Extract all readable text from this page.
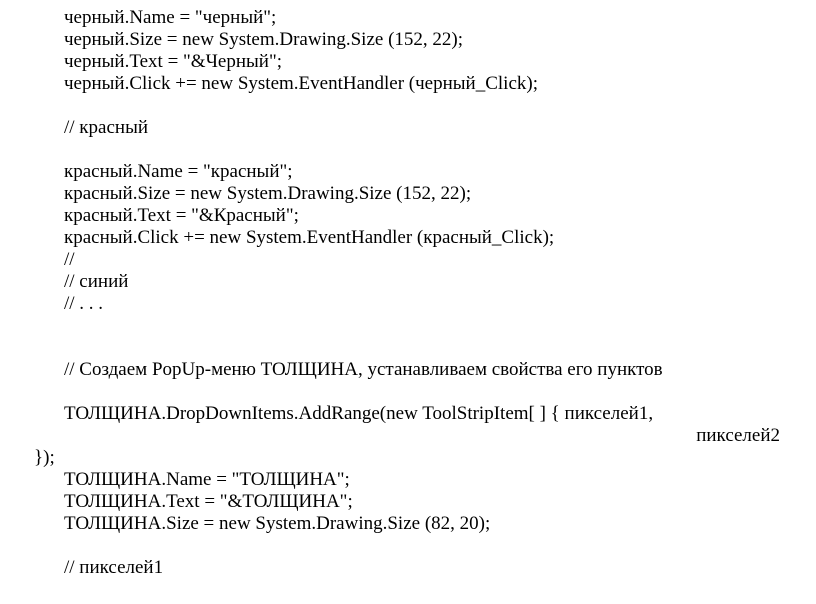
черный.Name = "черный";

черный.Size = new System.Drawing.Size (152, 22);

черный.Text = "&Черный";

черный.Click += new System.EventHandler (черный_Click);

// красный

красный.Name = "красный";

красный.Size = new System.Drawing.Size (152, 22);

красный.Text = "&Красный";

красный.Click += new System.EventHandler (красный_Click);

//

// синий

// . . .

// Создаем PopUp-меню ТОЛЩИНА, устанавливаем свойства его пунктов

ТОЛЩИНА.DropDownItems.AddRange(new ToolStripItem[ ] { пикселей1,

пикселей2

});

ТОЛЩИНА.Name = "ТОЛЩИНА";

ТОЛЩИНА.Text = "&ТОЛЩИНА";

ТОЛЩИНА.Size = new System.Drawing.Size (82, 20);

// пикселей1
